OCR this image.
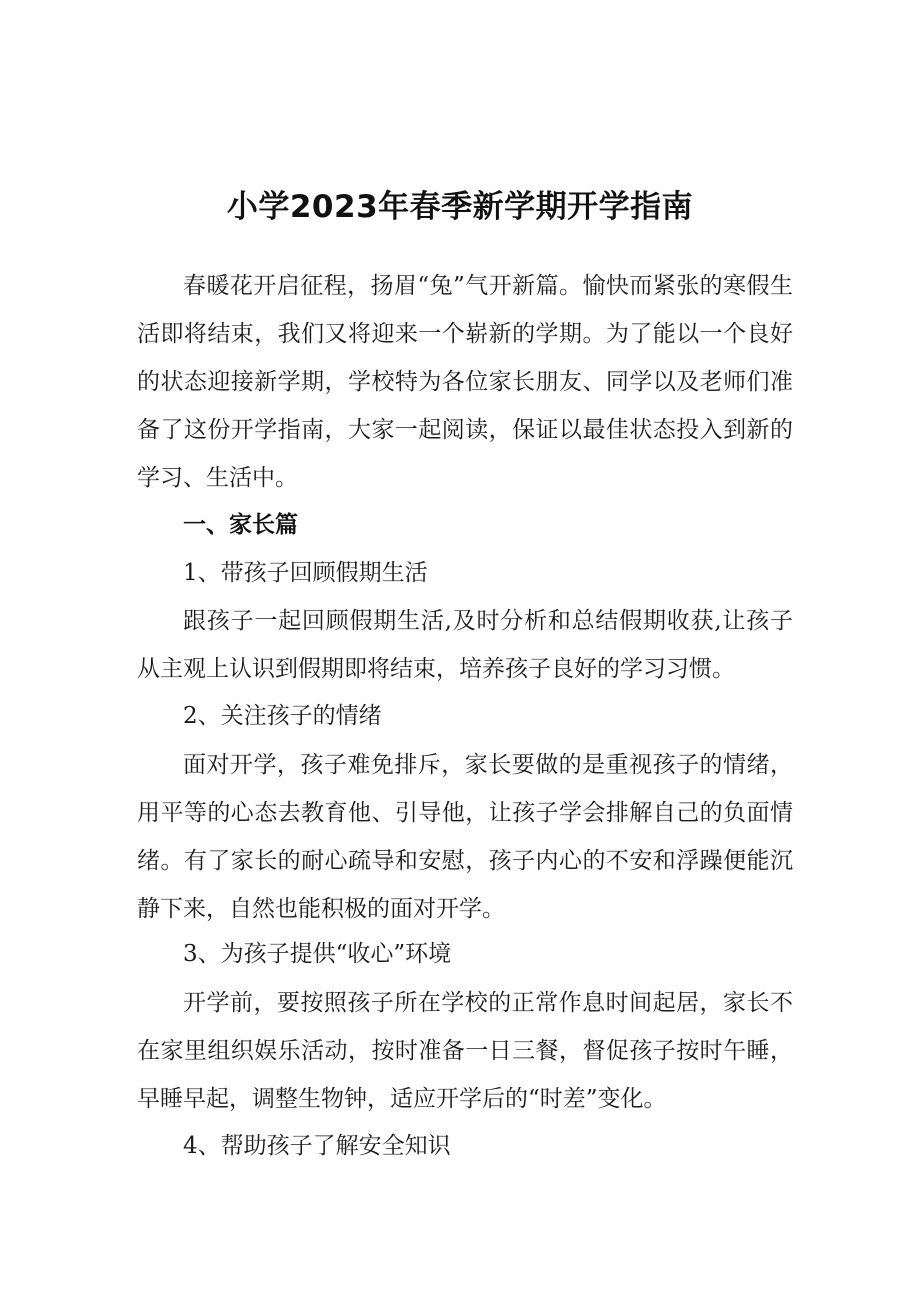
小学2023年春季新学期开学指南

春暖花开启征程，扬眉“兔”气开新篇。愉快而紧张的寒假生活即将结束，我们又将迎来一个崭新的学期。为了能以一个良好的状态迎接新学期，学校特为各位家长朋友、同学以及老师们准备了这份开学指南，大家一起阅读，保证以最佳状态投入到新的学习、生活中。

一、家长篇

1、带孩子回顾假期生活

跟孩子一起回顾假期生活,及时分析和总结假期收获,让孩子从主观上认识到假期即将结束，培养孩子良好的学习习惯。

2、关注孩子的情绪

面对开学，孩子难免排斥，家长要做的是重视孩子的情绪，用平等的心态去教育他、引导他，让孩子学会排解自己的负面情绪。有了家长的耐心疏导和安慰，孩子内心的不安和浮躁便能沉静下来，自然也能积极的面对开学。

3、为孩子提供“收心”环境

开学前，要按照孩子所在学校的正常作息时间起居，家长不在家里组织娱乐活动，按时准备一日三餐，督促孩子按时午睡，早睡早起，调整生物钟，适应开学后的“时差”变化。

4、帮助孩子了解安全知识
